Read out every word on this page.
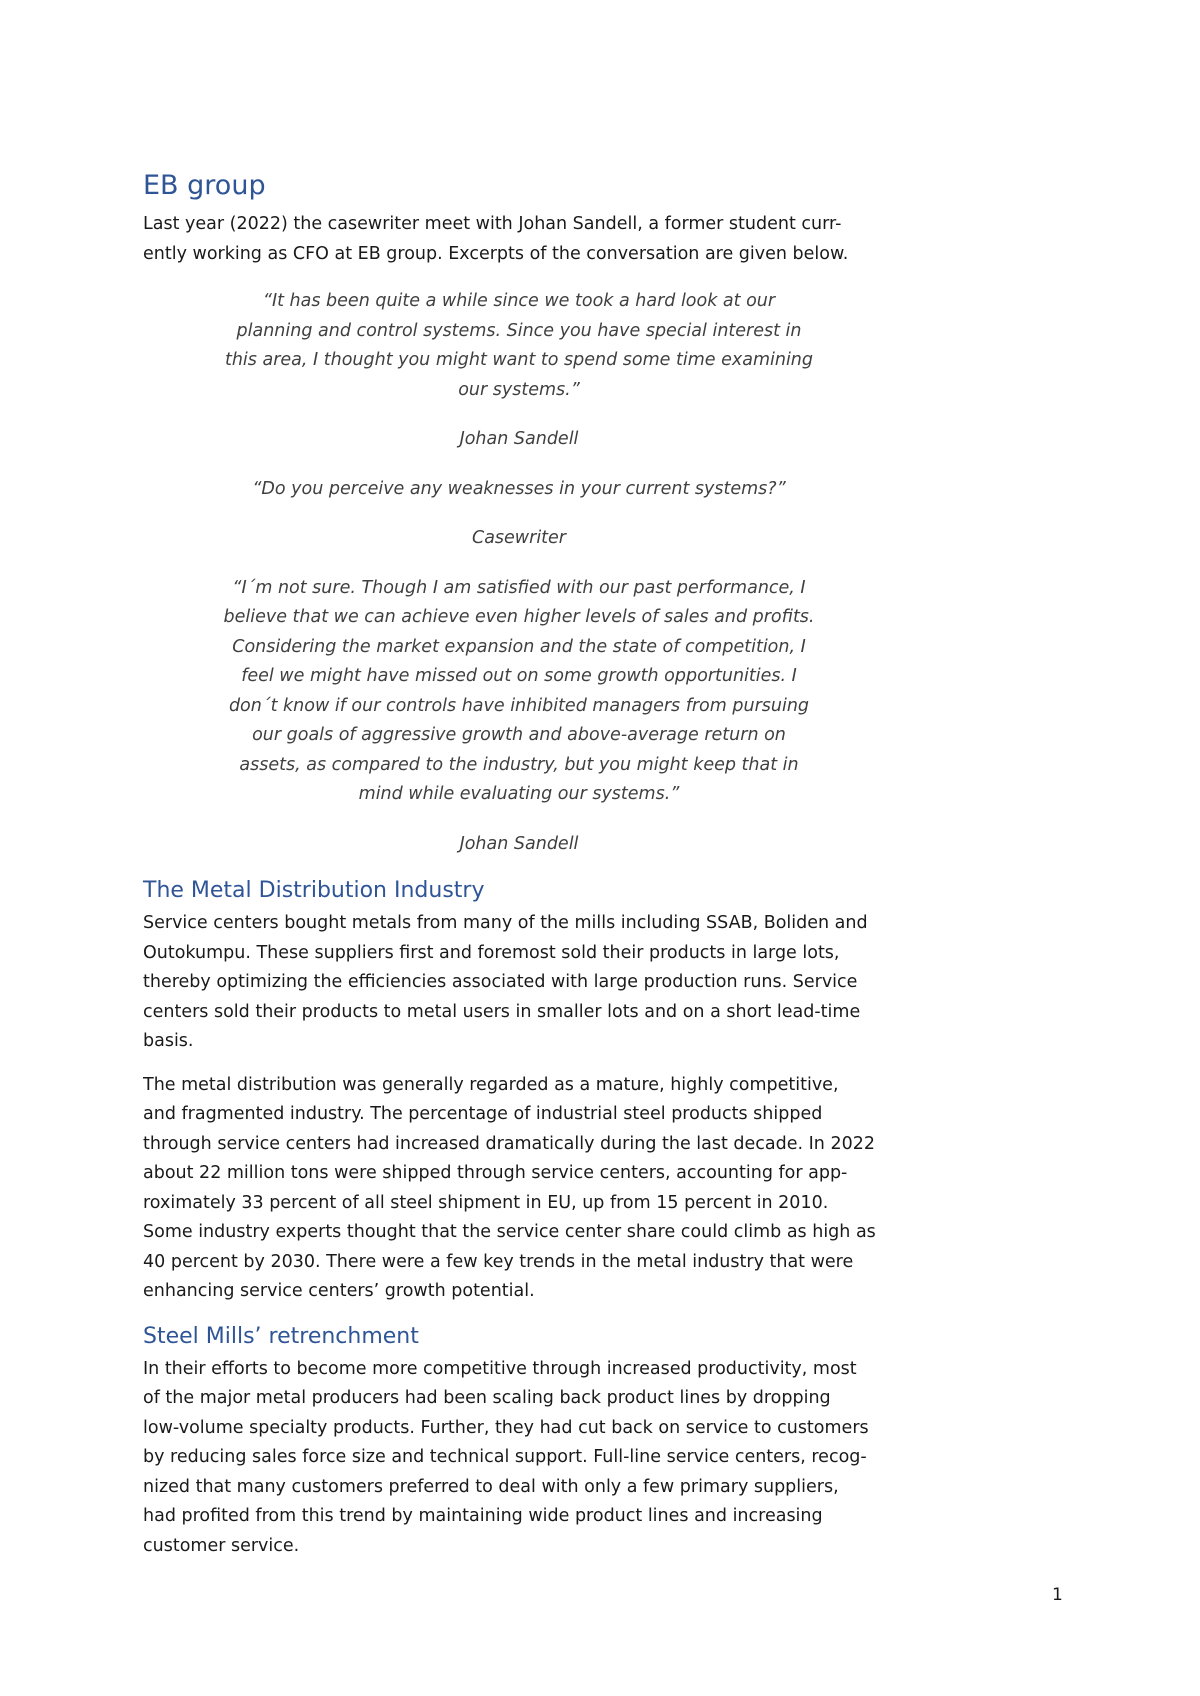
EB group
Last year (2022) the casewriter meet with Johan Sandell, a former student curr-
ently working as CFO at EB group. Excerpts of the conversation are given below.
“It has been quite a while since we took a hard look at our
planning and control systems. Since you have special interest in
this area, I thought you might want to spend some time examining
our systems.”
Johan Sandell
“Do you perceive any weaknesses in your current systems?”
Casewriter
“I´m not sure. Though I am satisfied with our past performance, I
believe that we can achieve even higher levels of sales and profits.
Considering the market expansion and the state of competition, I
feel we might have missed out on some growth opportunities. I
don´t know if our controls have inhibited managers from pursuing
our goals of aggressive growth and above-average return on
assets, as compared to the industry, but you might keep that in
mind while evaluating our systems.”
Johan Sandell
The Metal Distribution Industry
Service centers bought metals from many of the mills including SSAB, Boliden and
Outokumpu. These suppliers first and foremost sold their products in large lots,
thereby optimizing the efficiencies associated with large production runs. Service
centers sold their products to metal users in smaller lots and on a short lead-time
basis.
The metal distribution was generally regarded as a mature, highly competitive,
and fragmented industry. The percentage of industrial steel products shipped
through service centers had increased dramatically during the last decade. In 2022
about 22 million tons were shipped through service centers, accounting for app-
roximately 33 percent of all steel shipment in EU, up from 15 percent in 2010.
Some industry experts thought that the service center share could climb as high as
40 percent by 2030. There were a few key trends in the metal industry that were
enhancing service centers’ growth potential.
Steel Mills’ retrenchment
In their efforts to become more competitive through increased productivity, most
of the major metal producers had been scaling back product lines by dropping
low-volume specialty products. Further, they had cut back on service to customers
by reducing sales force size and technical support. Full-line service centers, recog-
nized that many customers preferred to deal with only a few primary suppliers,
had profited from this trend by maintaining wide product lines and increasing
customer service.
1
